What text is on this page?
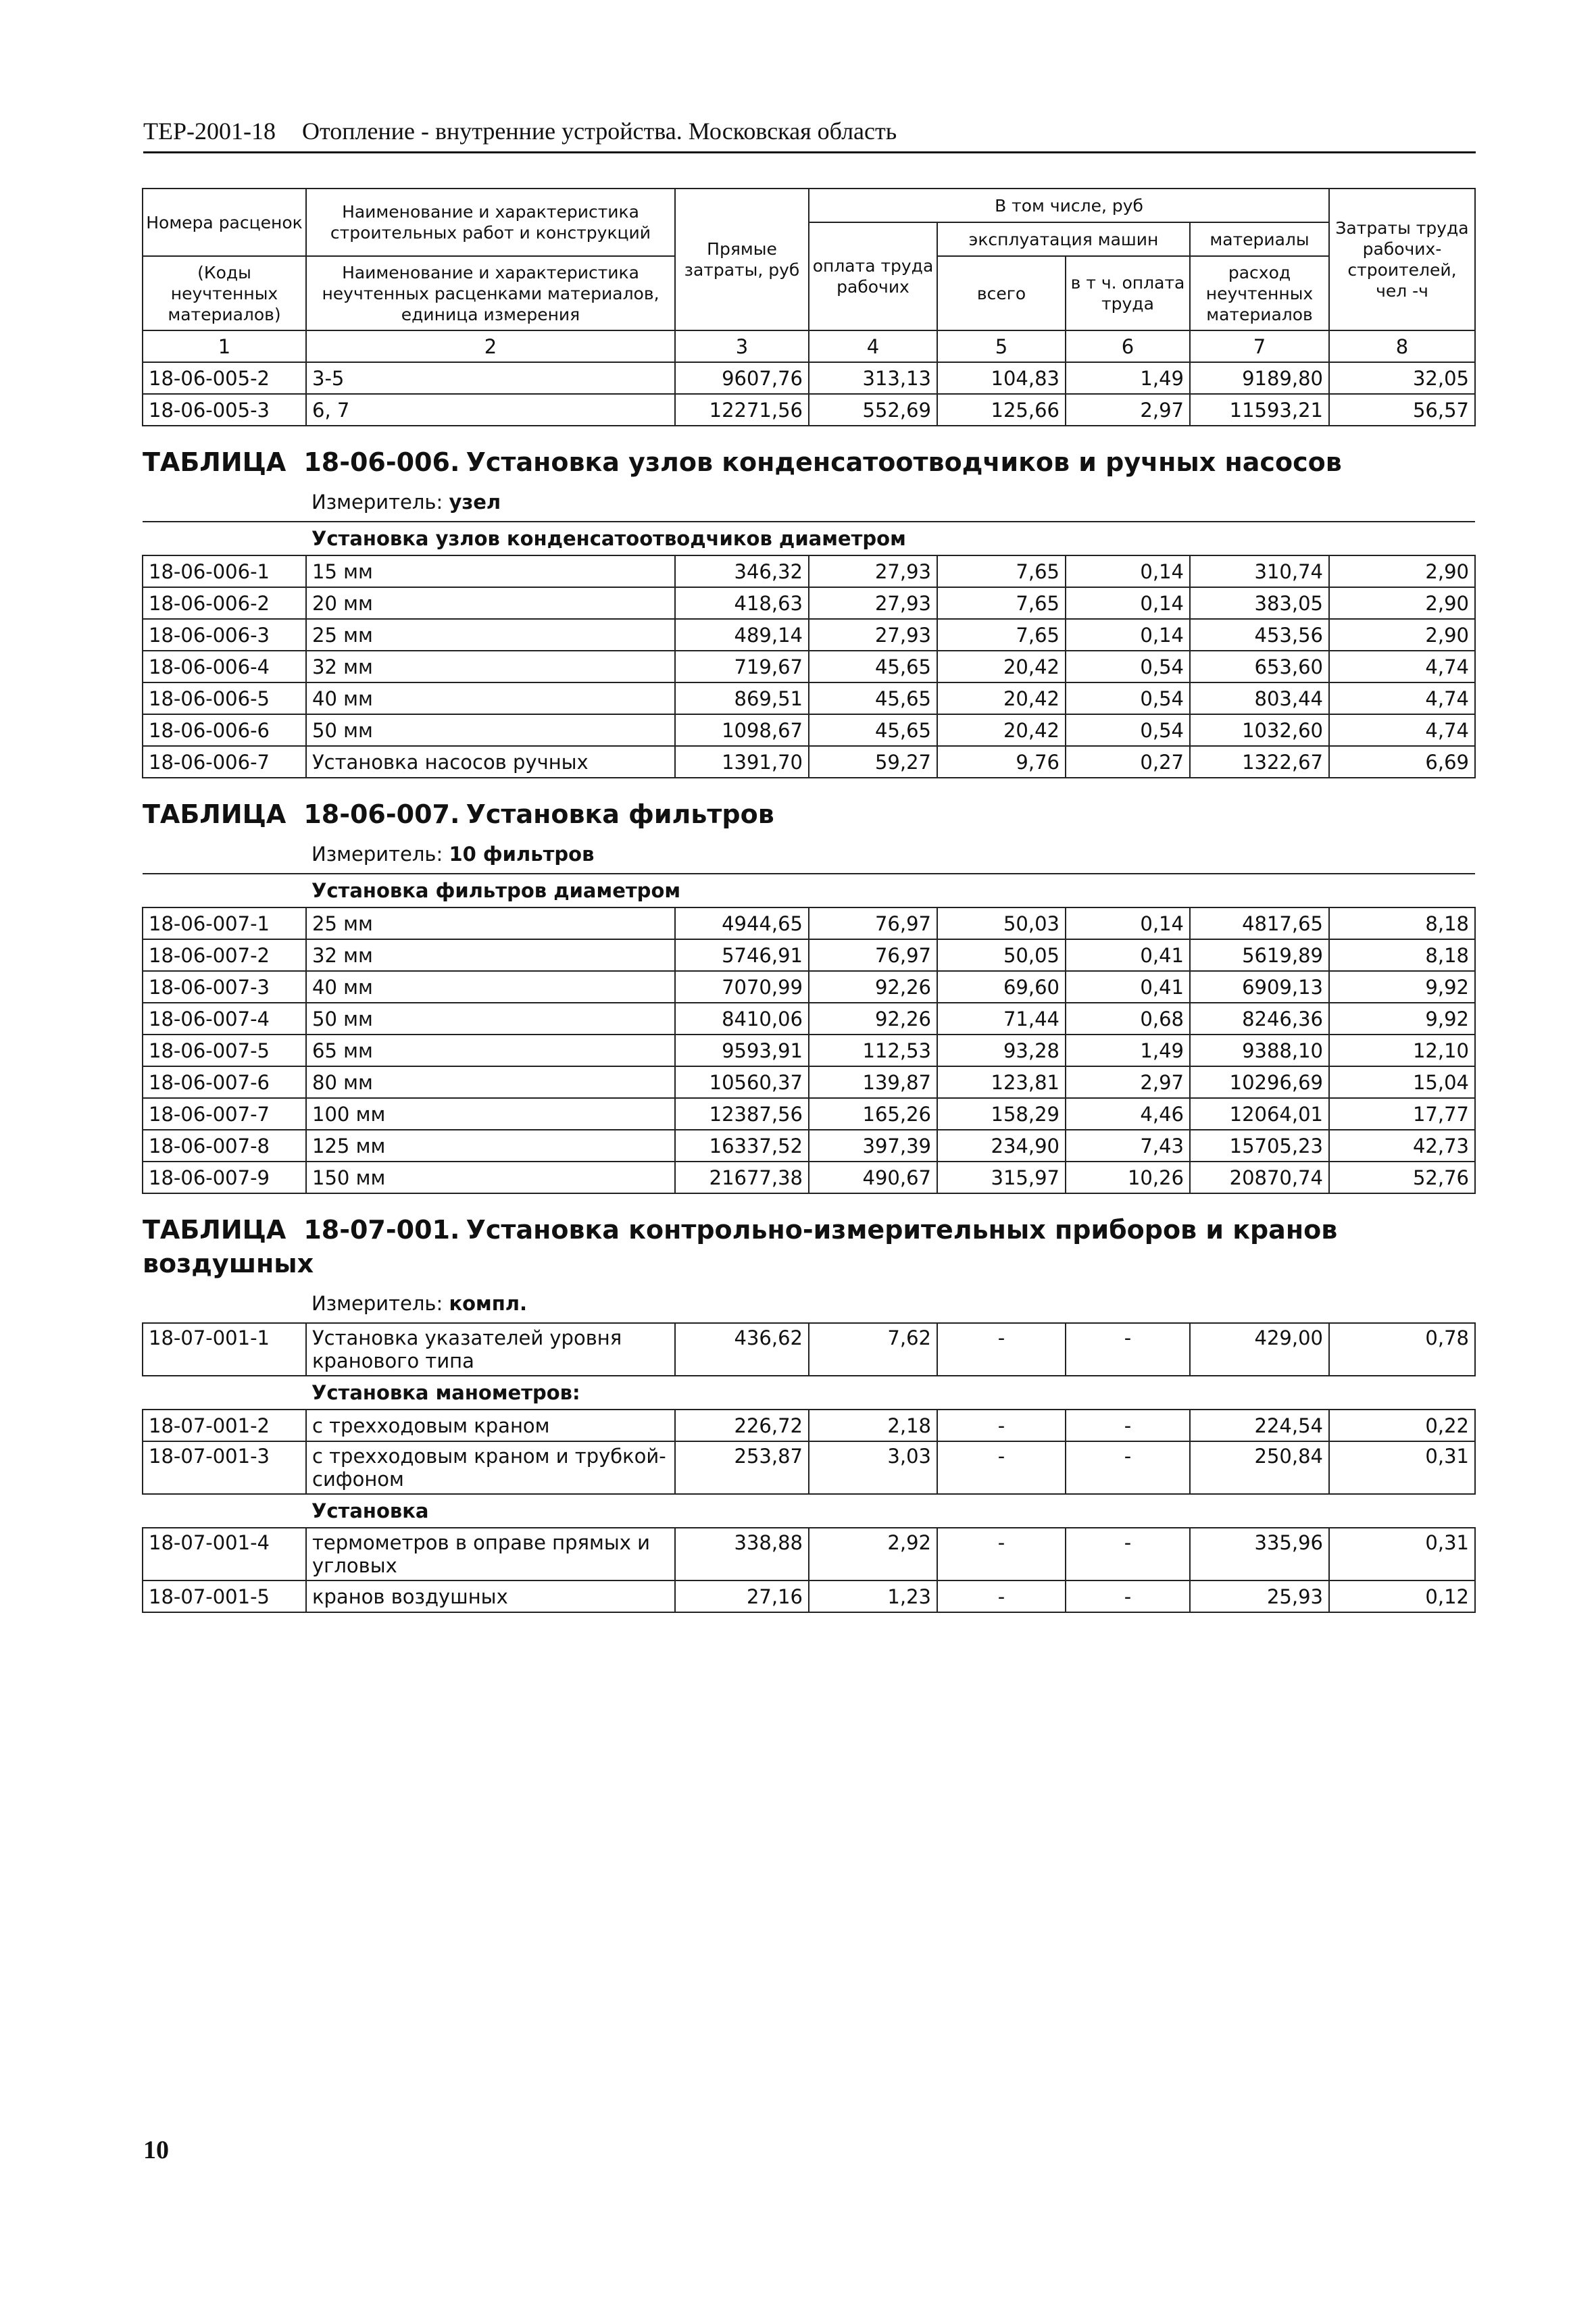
ТЕР-2001-18 Отопление - внутренние устройства. Московская область
Номера расценок	Наименование и характеристика строительных работ и конструкций	Прямые затраты, руб	В том числе, руб				Затраты труда рабочих-строителей, чел -ч
			оплата труда рабочих	эксплуатация машин		материалы	
(Коды неучтенных материалов)	Наименование и характеристика неучтенных расценками материалов, единица измерения			всего	в т ч. оплата труда	расход неучтенных материалов	

1	2	3	4	5	6	7	8
18-06-005-2	3-5	9607,76	313,13	104,83	1,49	9189,80	32,05
18-06-005-3	6, 7	12271,56	552,69	125,66	2,97	11593,21	56,57
ТАБЛИЦА 18-06-006. Установка узлов конденсатоотводчиков и ручных насосов							
Измеритель: узел							
Установка узлов конденсатоотводчиков диаметром							
18-06-006-1	15 мм	346,32	27,93	7,65	0,14	310,74	2,90
18-06-006-2	20 мм	418,63	27,93	7,65	0,14	383,05	2,90
18-06-006-3	25 мм	489,14	27,93	7,65	0,14	453,56	2,90
18-06-006-4	32 мм	719,67	45,65	20,42	0,54	653,60	4,74
18-06-006-5	40 мм	869,51	45,65	20,42	0,54	803,44	4,74
18-06-006-6	50 мм	1098,67	45,65	20,42	0,54	1032,60	4,74
18-06-006-7	Установка насосов ручных	1391,70	59,27	9,76	0,27	1322,67	6,69
ТАБЛИЦА 18-06-007. Установка фильтров							
Измеритель: 10 фильтров							
Установка фильтров диаметром							
18-06-007-1	25 мм	4944,65	76,97	50,03	0,14	4817,65	8,18
18-06-007-2	32 мм	5746,91	76,97	50,05	0,41	5619,89	8,18
18-06-007-3	40 мм	7070,99	92,26	69,60	0,41	6909,13	9,92
18-06-007-4	50 мм	8410,06	92,26	71,44	0,68	8246,36	9,92
18-06-007-5	65 мм	9593,91	112,53	93,28	1,49	9388,10	12,10
18-06-007-6	80 мм	10560,37	139,87	123,81	2,97	10296,69	15,04
18-06-007-7	100 мм	12387,56	165,26	158,29	4,46	12064,01	17,77
18-06-007-8	125 мм	16337,52	397,39	234,90	7,43	15705,23	42,73
18-06-007-9	150 мм	21677,38	490,67	315,97	10,26	20870,74	52,76
ТАБЛИЦА 18-07-001. Установка контрольно-измерительных приборов и кранов воздушных							
Измеритель: компл.							
18-07-001-1	Установка указателей уровня кранового типа	436,62	7,62	-	-	429,00	0,78
Установка манометров:							
18-07-001-2	с трехходовым краном	226,72	2,18	-	-	224,54	0,22
18-07-001-3	с трехходовым краном и трубкой-сифоном	253,87	3,03	-	-	250,84	0,31
Установка							
18-07-001-4	термометров в оправе прямых и угловых	338,88	2,92	-	-	335,96	0,31
18-07-001-5	кранов воздушных	27,16	1,23	-	-	25,93	0,12
10
